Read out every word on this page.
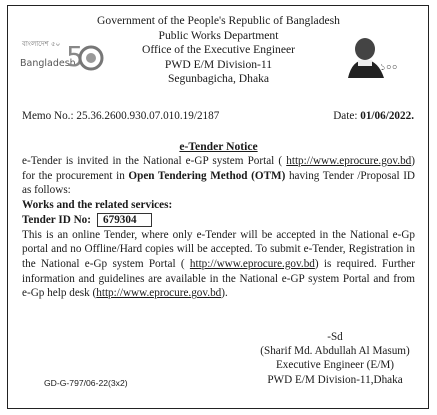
Government of the People's Republic of Bangladesh
Public Works Department
Office of the Executive Engineer
PWD E/M Division-11
Segunbagicha, Dhaka
বাংলাদেশ ৫০
Bangladesh
5	১০০
Memo No.: 25.36.2600.930.07.010.19/2187	Date: 01/06/2022.
e-Tender Notice

e-Tender is invited in the National e-GP system Portal ( http://www.eprocure.gov.bd) for the procurement in Open Tendering Method (OTM) having Tender /Proposal ID as follows:

Works and the related services:

Tender ID No: 679304

This is an online Tender, where only e-Tender will be accepted in the National e-Gp portal and no Offline/Hard copies will be accepted. To submit e-Tender, Registration in the National e-Gp system Portal ( http://www.eprocure.gov.bd) is required. Further information and guidelines are available in the National e-GP system Portal and from e-Gp help desk (http://www.eprocure.gov.bd).

-Sd
(Sharif Md. Abdullah Al Masum)
Executive Engineer (E/M)
PWD E/M Division-11,Dhaka
GD-G-797/06-22(3x2)
